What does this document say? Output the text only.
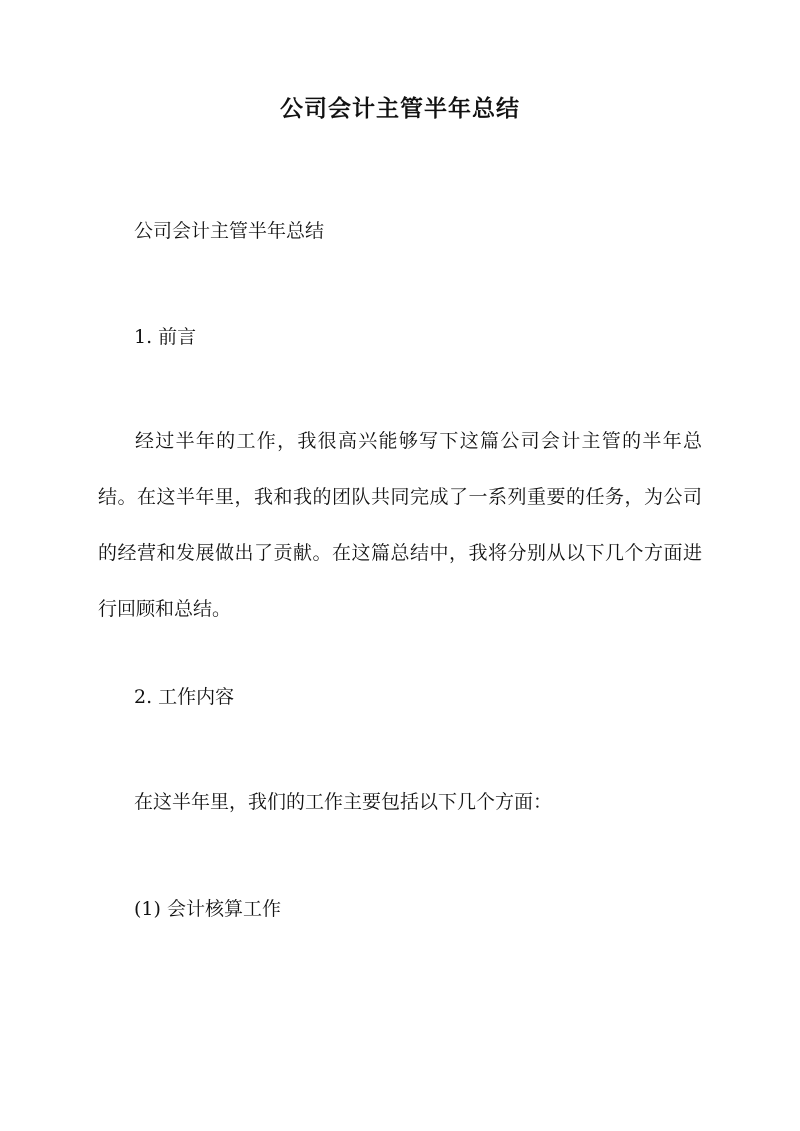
公司会计主管半年总结

公司会计主管半年总结

1. 前言

经过半年的工作，我很高兴能够写下这篇公司会计主管的半年总结。在这半年里，我和我的团队共同完成了一系列重要的任务，为公司的经营和发展做出了贡献。在这篇总结中，我将分别从以下几个方面进行回顾和总结。

2. 工作内容

在这半年里，我们的工作主要包括以下几个方面：

(1) 会计核算工作
